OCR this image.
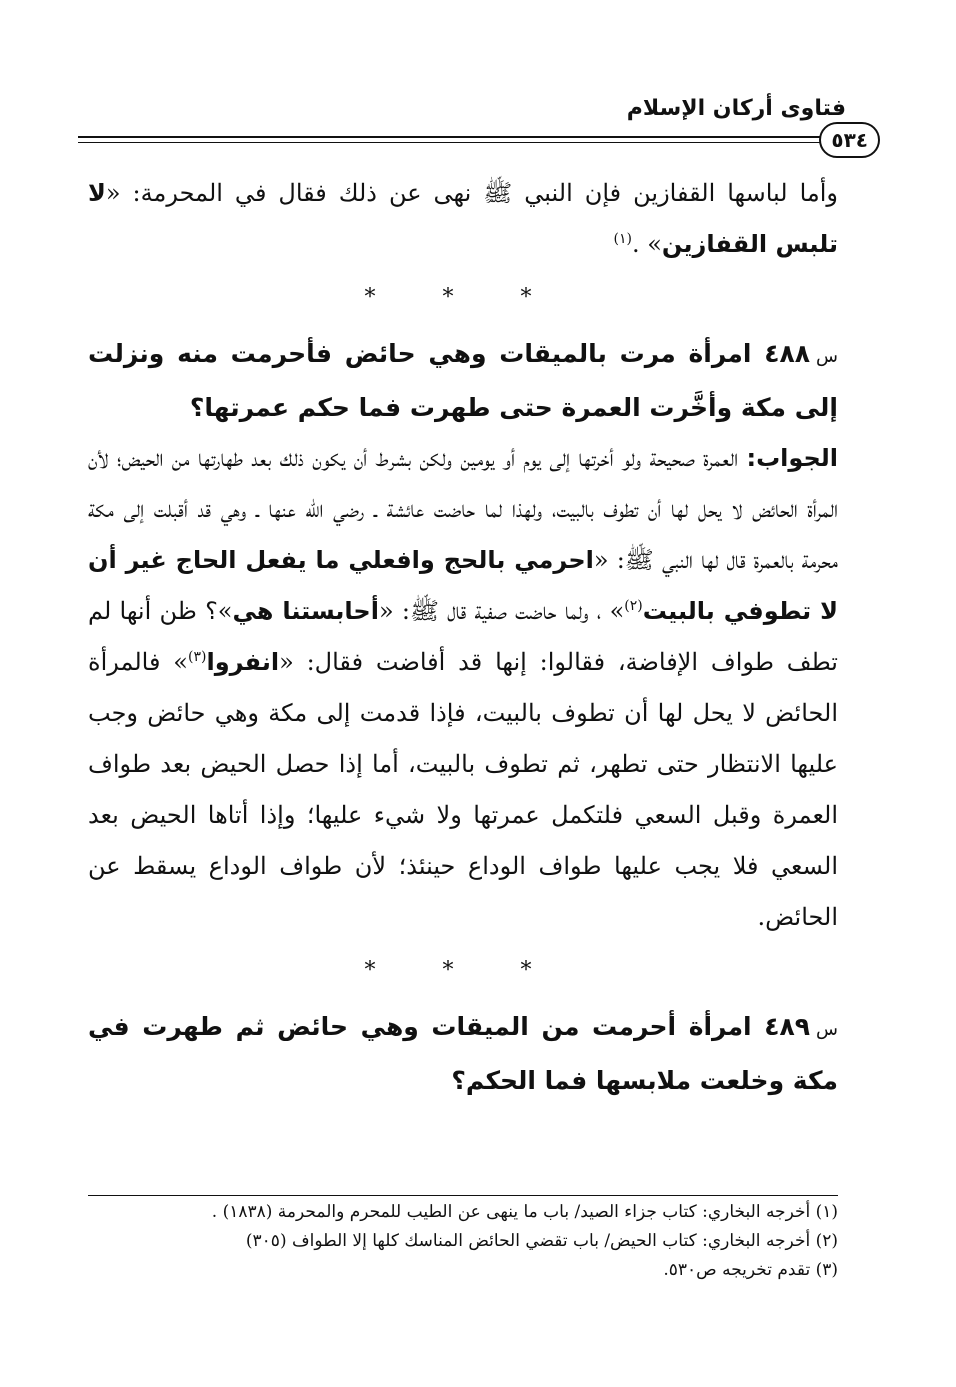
فتاوى أركان الإسلام
٥٣٤

وأما لباسها القفازين فإن النبي ﷺ نهى عن ذلك فقال في المحرمة: «لا تلبس القفازين» .$^{(١)}$

* * *

س٤٨٨ امرأة مرت بالميقات وهي حائض فأحرمت منه ونزلت إلى مكة وأخَّرت العمرة حتى طهرت فما حكم عمرتها؟

الجواب: العمرة صحيحة ولو أخرتها إلى يوم أو يومين ولكن بشرط أن يكون ذلك بعد طهارتها من الحيض؛ لأن المرأة الحائض لا يحل لها أن تطوف بالبيت، ولهذا لما حاضت عائشة ـ رضي الله عنها ـ وهي قد أقبلت إلى مكة محرمة بالعمرة قال لها النبي ﷺ: «احرمي بالحج وافعلي ما يفعل الحاج غير أن لا تطوفي بالبيت$^{(٢)}$» ، ولما حاضت صفية قال ﷺ: «أحابستنا هي»؟ ظن أنها لم تطف طواف الإفاضة، فقالوا: إنها قد أفاضت فقال: «انفروا$^{(٣)}$» فالمرأة الحائض لا يحل لها أن تطوف بالبيت، فإذا قدمت إلى مكة وهي حائض وجب عليها الانتظار حتى تطهر، ثم تطوف بالبيت، أما إذا حصل الحيض بعد طواف العمرة وقبل السعي فلتكمل عمرتها ولا شيء عليها؛ وإذا أتاها الحيض بعد السعي فلا يجب عليها طواف الوداع حينئذ؛ لأن طواف الوداع يسقط عن الحائض.

* * *

س٤٨٩ امرأة أحرمت من الميقات وهي حائض ثم طهرت في مكة وخلعت ملابسها فما الحكم؟

(١) أخرجه البخاري: كتاب جزاء الصيد/ باب ما ينهى عن الطيب للمحرم والمحرمة (١٨٣٨) .

(٢) أخرجه البخاري: كتاب الحيض/ باب تقضي الحائض المناسك كلها إلا الطواف (٣٠٥)

(٣) تقدم تخريجه ص٥٣٠.
